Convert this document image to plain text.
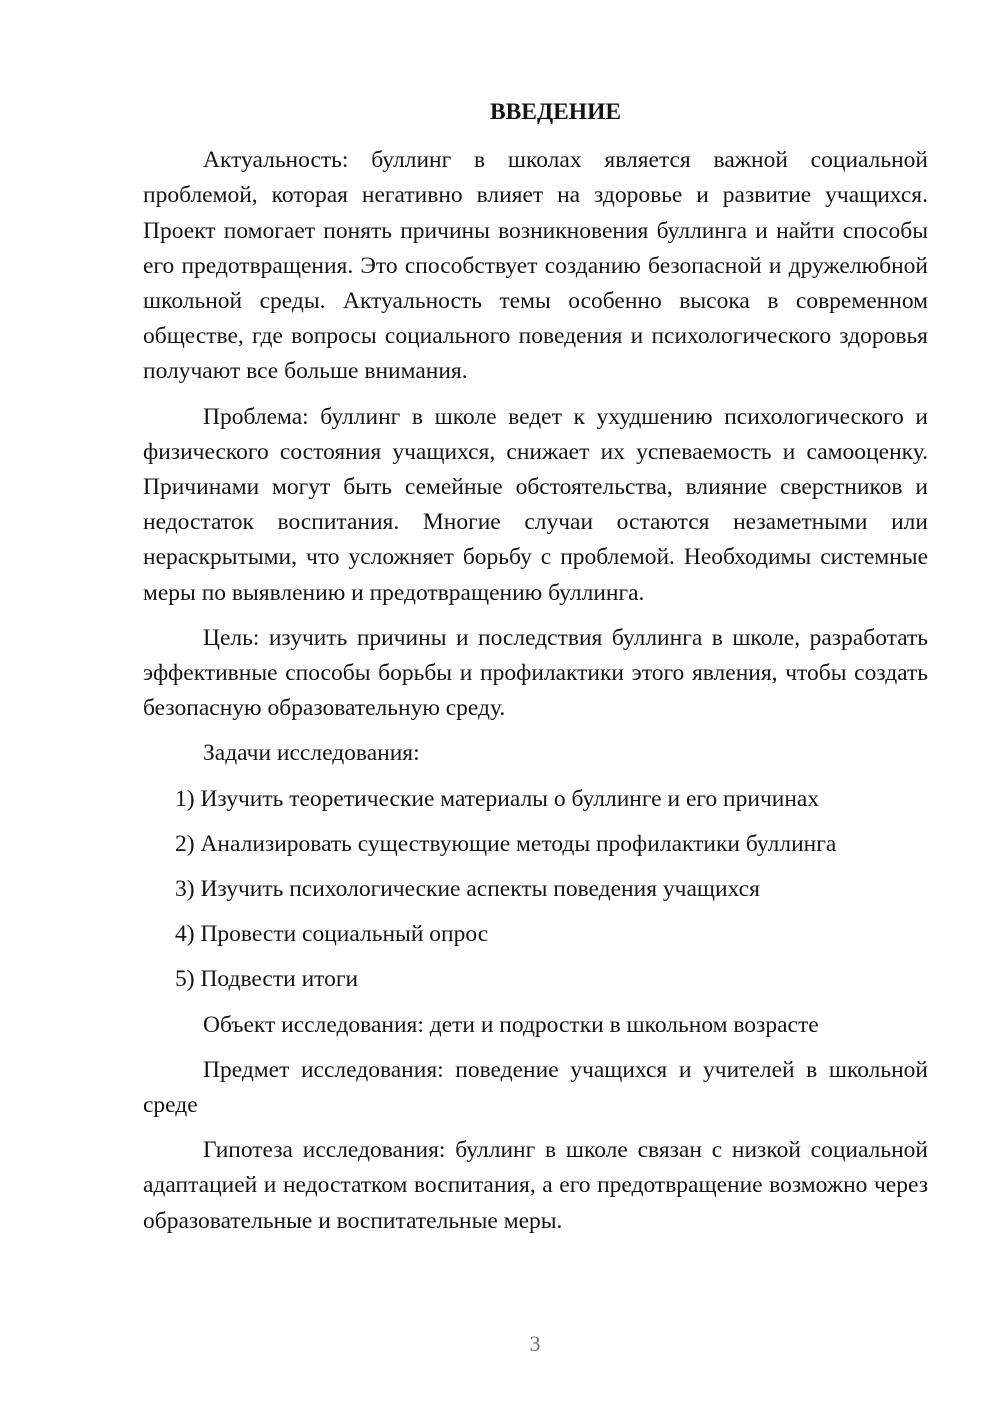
ВВЕДЕНИЕ

Актуальность: буллинг в школах является важной социальной проблемой, которая негативно влияет на здоровье и развитие учащихся. Проект помогает понять причины возникновения буллинга и найти способы его предотвращения. Это способствует созданию безопасной и дружелюбной школьной среды. Актуальность темы особенно высока в современном обществе, где вопросы социального поведения и психологического здоровья получают все больше внимания.

Проблема: буллинг в школе ведет к ухудшению психологического и физического состояния учащихся, снижает их успеваемость и самооценку. Причинами могут быть семейные обстоятельства, влияние сверстников и недостаток воспитания. Многие случаи остаются незаметными или нераскрытыми, что усложняет борьбу с проблемой. Необходимы системные меры по выявлению и предотвращению буллинга.

Цель: изучить причины и последствия буллинга в школе, разработать эффективные способы борьбы и профилактики этого явления, чтобы создать безопасную образовательную среду.

Задачи исследования:

1) Изучить теоретические материалы о буллинге и его причинах

2) Анализировать существующие методы профилактики буллинга

3) Изучить психологические аспекты поведения учащихся

4) Провести социальный опрос

5) Подвести итоги

Объект исследования: дети и подростки в школьном возрасте

Предмет исследования: поведение учащихся и учителей в школьной среде

Гипотеза исследования: буллинг в школе связан с низкой социальной адаптацией и недостатком воспитания, а его предотвращение возможно через образовательные и воспитательные меры.

3
